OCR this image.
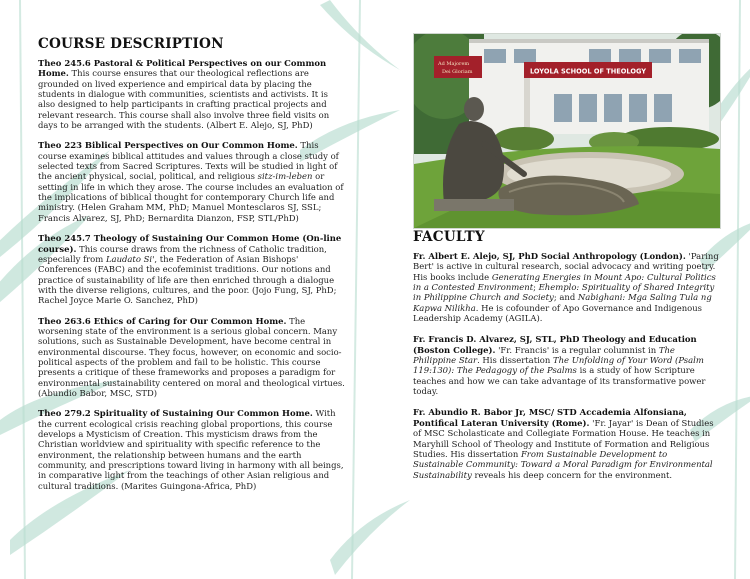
COURSE DESCRIPTION

Theo 245.6 Pastoral & Political Perspectives on our Common Home. This course ensures that our theological reflections are grounded on lived experience and empirical data by placing the students in dialogue with communities, scientists and activists. It is also designed to help participants in crafting practical projects and relevant research. This course shall also involve three field visits on days to be arranged with the students. (Albert E. Alejo, SJ, PhD)

Theo 223 Biblical Perspectives on Our Common Home. This course examines biblical attitudes and values through a close study of selected texts from Sacred Scriptures. Texts will be studied in light of the ancient physical, social, political, and religious sitz-im-leben or setting in life in which they arose. The course includes an evaluation of the implications of biblical thought for contemporary Church life and ministry. (Helen Graham MM, PhD; Manuel Montesclaros SJ, SSL; Francis Alvarez, SJ, PhD; Bernardita Dianzon, FSP, STL/PhD)

Theo 245.7 Theology of Sustaining Our Common Home (On-line course). This course draws from the richness of Catholic tradition, especially from Laudato Si', the Federation of Asian Bishops' Conferences (FABC) and the ecofeminist traditions. Our notions and practice of sustainability of life are then enriched through a dialogue with the diverse religions, cultures, and the poor. (Jojo Fung, SJ, PhD; Rachel Joyce Marie O. Sanchez, PhD)

Theo 263.6 Ethics of Caring for Our Common Home. The worsening state of the environment is a serious global concern. Many solutions, such as Sustainable Development, have become central in environmental discourse. They focus, however, on economic and socio-political aspects of the problem and fail to be holistic. This course presents a critique of these frameworks and proposes a paradigm for environmental sustainability centered on moral and theological virtues. (Abundio Babor, MSC, STD)

Theo 279.2 Spirituality of Sustaining Our Common Home. With the current ecological crisis reaching global proportions, this course develops a Mysticism of Creation. This mysticism draws from the Christian worldview and spirituality with specific reference to the environment, the relationship between humans and the earth community, and prescriptions toward living in harmony with all beings, in comparative light from the teachings of other Asian religious and cultural traditions. (Marites Guingona-Africa, PhD)

LOYOLA SCHOOL OF THEOLOGY
Ad Majorem
Dei Gloriam
FACULTY

Fr. Albert E. Alejo, SJ, PhD Social Anthropology (London). 'Paring Bert' is active in cultural research, social advocacy and writing poetry. His books include Generating Energies in Mount Apo: Cultural Politics in a Contested Environment; Ehemplo: Spirituality of Shared Integrity in Philippine Church and Society; and Nabighani: Mga Saling Tula ng Kapwa Nilikha. He is cofounder of Apo Governance and Indigenous Leadership Academy (AGILA).

Fr. Francis D. Alvarez, SJ, STL, PhD Theology and Education (Boston College). 'Fr. Francis' is a regular columnist in The Philippine Star. His dissertation The Unfolding of Your Word (Psalm 119:130): The Pedagogy of the Psalms is a study of how Scripture teaches and how we can take advantage of its transformative power today.

Fr. Abundio R. Babor Jr, MSC/ STD Accademia Alfonsiana, Pontifical Lateran University (Rome). 'Fr. Jayar' is Dean of Studies of MSC Scholasticate and Collegiate Formation House. He teaches in Maryhill School of Theology and Institute of Formation and Religious Studies. His dissertation From Sustainable Development to Sustainable Community: Toward a Moral Paradigm for Environmental Sustainability reveals his deep concern for the environment.
